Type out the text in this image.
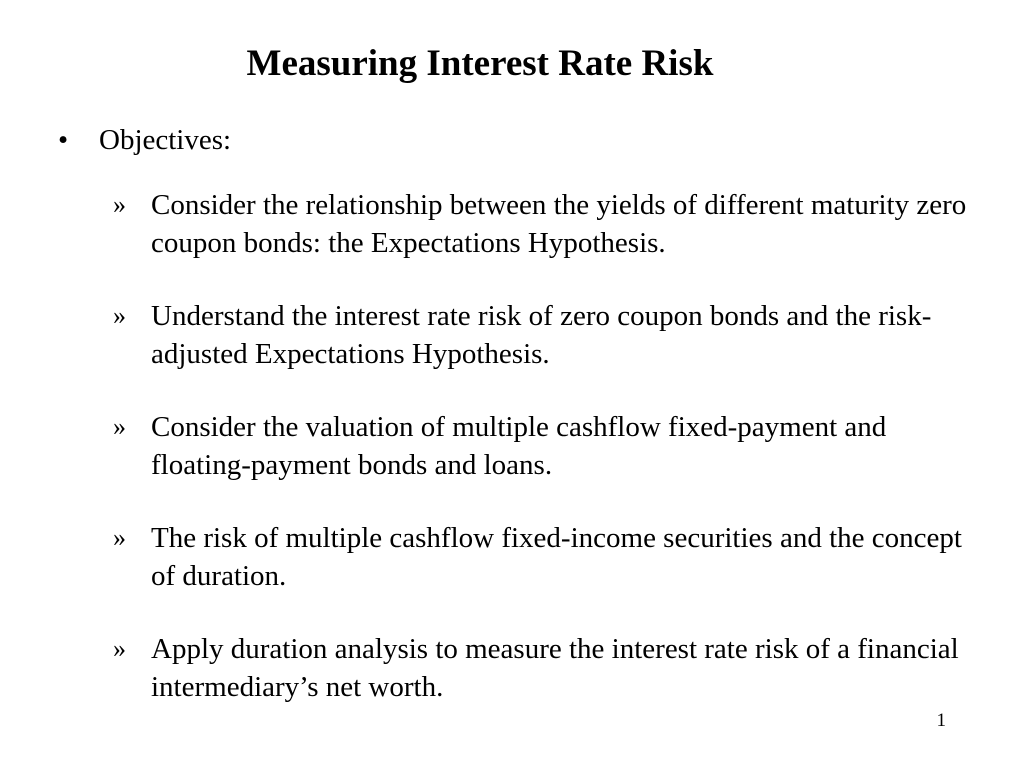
Measuring Interest Rate Risk
• Objectives:
» Consider the relationship between the yields of different maturity zero coupon bonds: the Expectations Hypothesis.
» Understand the interest rate risk of zero coupon bonds and the risk-adjusted Expectations Hypothesis.
» Consider the valuation of multiple cashflow fixed-payment and floating-payment bonds and loans.
» The risk of multiple cashflow fixed-income securities and the concept of duration.
» Apply duration analysis to measure the interest rate risk of a financial intermediary’s net worth.
1
